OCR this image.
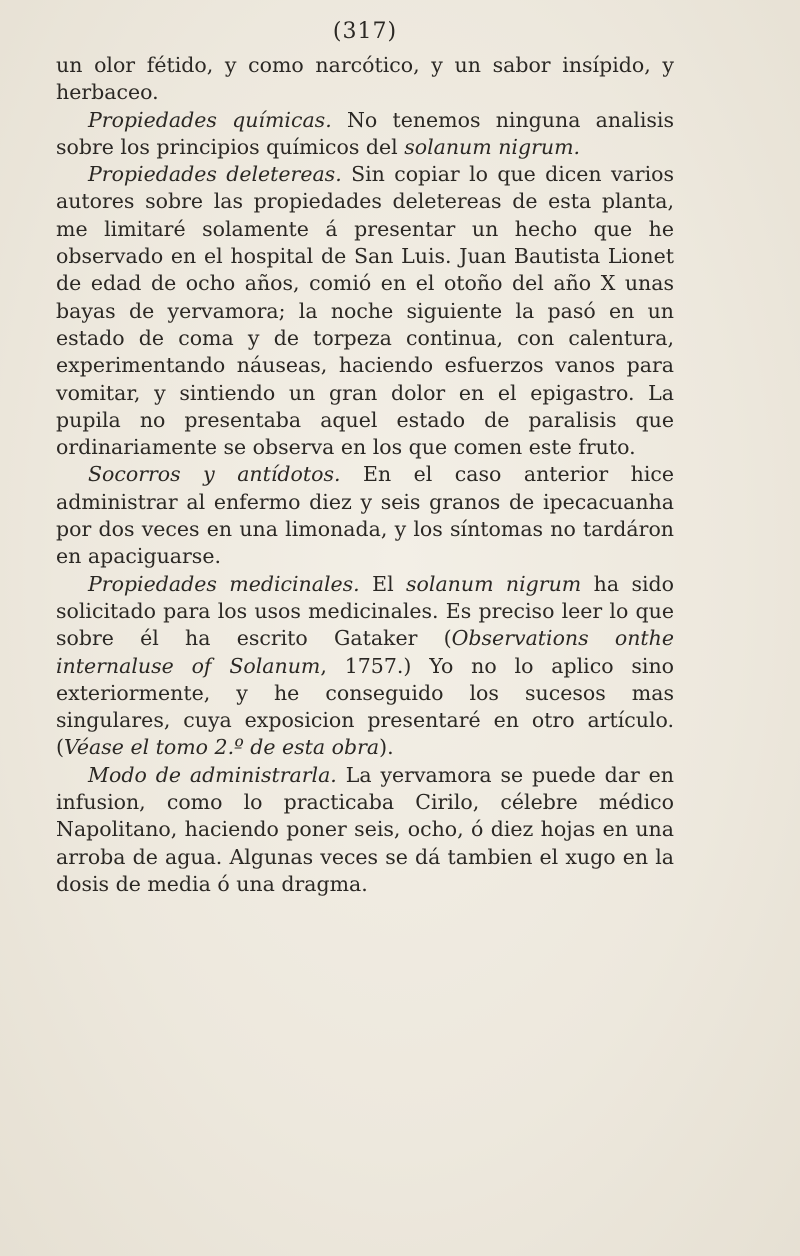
(317)

un olor fétido, y como narcótico, y un sabor insípido, y herbaceo.

Propiedades químicas. No tenemos ninguna analisis sobre los principios químicos del solanum nigrum.

Propiedades deletereas. Sin copiar lo que dicen varios autores sobre las propiedades deletereas de esta planta, me limitaré solamente á presentar un hecho que he observado en el hospital de San Luis. Juan Bautista Lionet de edad de ocho años, comió en el otoño del año X unas bayas de yervamora; la noche siguiente la pasó en un estado de coma y de torpeza continua, con calentura, experimentando náuseas, haciendo esfuerzos vanos para vomitar, y sintiendo un gran dolor en el epigastro. La pupila no presentaba aquel estado de paralisis que ordinariamente se observa en los que comen este fruto.

Socorros y antídotos. En el caso anterior hice administrar al enfermo diez y seis granos de ipecacuanha por dos veces en una limonada, y los síntomas no tardáron en apaciguarse.

Propiedades medicinales. El solanum nigrum ha sido solicitado para los usos medicinales. Es preciso leer lo que sobre él ha escrito Gataker (Observations onthe internaluse of Solanum, 1757.) Yo no lo aplico sino exteriormente, y he conseguido los sucesos mas singulares, cuya exposicion presentaré en otro artículo. (Véase el tomo 2.º de esta obra).

Modo de administrarla. La yervamora se puede dar en infusion, como lo practicaba Cirilo, célebre médico Napolitano, haciendo poner seis, ocho, ó diez hojas en una arroba de agua. Algunas veces se dá tambien el xugo en la dosis de media ó una dragma.
